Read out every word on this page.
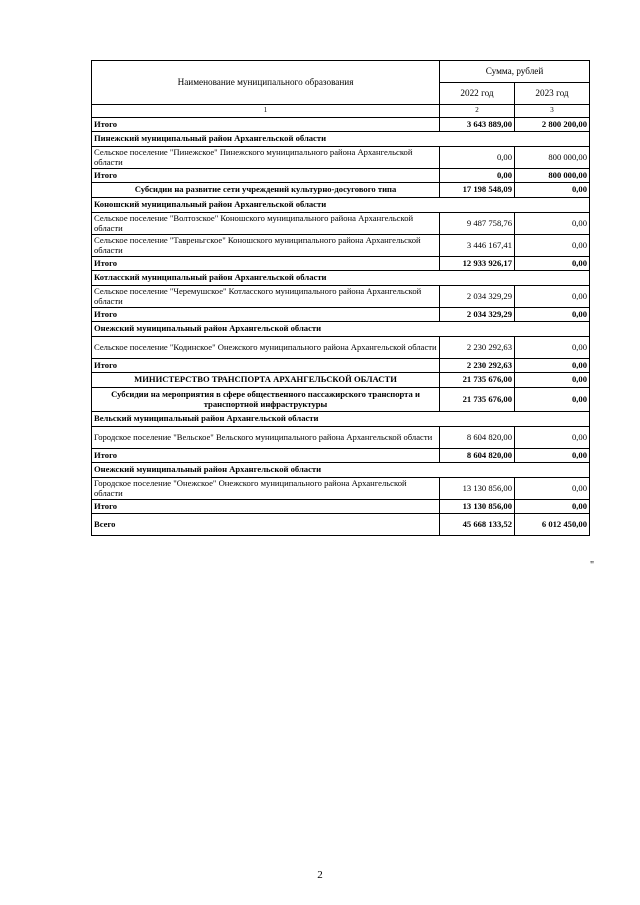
Наименование муниципального образования	Сумма, рублей	
	2022 год	2023 год
1	2	3
Итого	3 643 889,00	2 800 200,00
Пинежский муниципальный район Архангельской области		
Сельское поселение "Пинежское" Пинежского муниципального района Архангельской области	0,00	800 000,00
Итого	0,00	800 000,00
Субсидии на развитие сети учреждений культурно-досугового типа	17 198 548,09	0,00
Коношский муниципальный район Архангельской области		
Сельское поселение "Волтозское" Коношского муниципального района Архангельской области	9 487 758,76	0,00
Сельское поселение "Тавреньгское" Коношского муниципального района Архангельской области	3 446 167,41	0,00
Итого	12 933 926,17	0,00
Котласский муниципальный район Архангельской области		
Сельское поселение "Черемушское" Котласского муниципального района Архангельской области	2 034 329,29	0,00
Итого	2 034 329,29	0,00
Онежский муниципальный район Архангельской области		
Сельское поселение "Кодинское" Онежского муниципального района Архангельской области	2 230 292,63	0,00
Итого	2 230 292,63	0,00
МИНИСТЕРСТВО ТРАНСПОРТА АРХАНГЕЛЬСКОЙ ОБЛАСТИ	21 735 676,00	0,00
Субсидии на мероприятия в сфере общественного пассажирского транспорта и транспортной инфраструктуры	21 735 676,00	0,00
Вельский муниципальный район Архангельской области		
Городское поселение "Вельское" Вельского муниципального района Архангельской области	8 604 820,00	0,00
Итого	8 604 820,00	0,00
Онежский муниципальный район Архангельской области		
Городское поселение "Онежское" Онежского муниципального района Архангельской области	13 130 856,00	0,00
Итого	13 130 856,00	0,00
Всего	45 668 133,52	6 012 450,00
"
2
